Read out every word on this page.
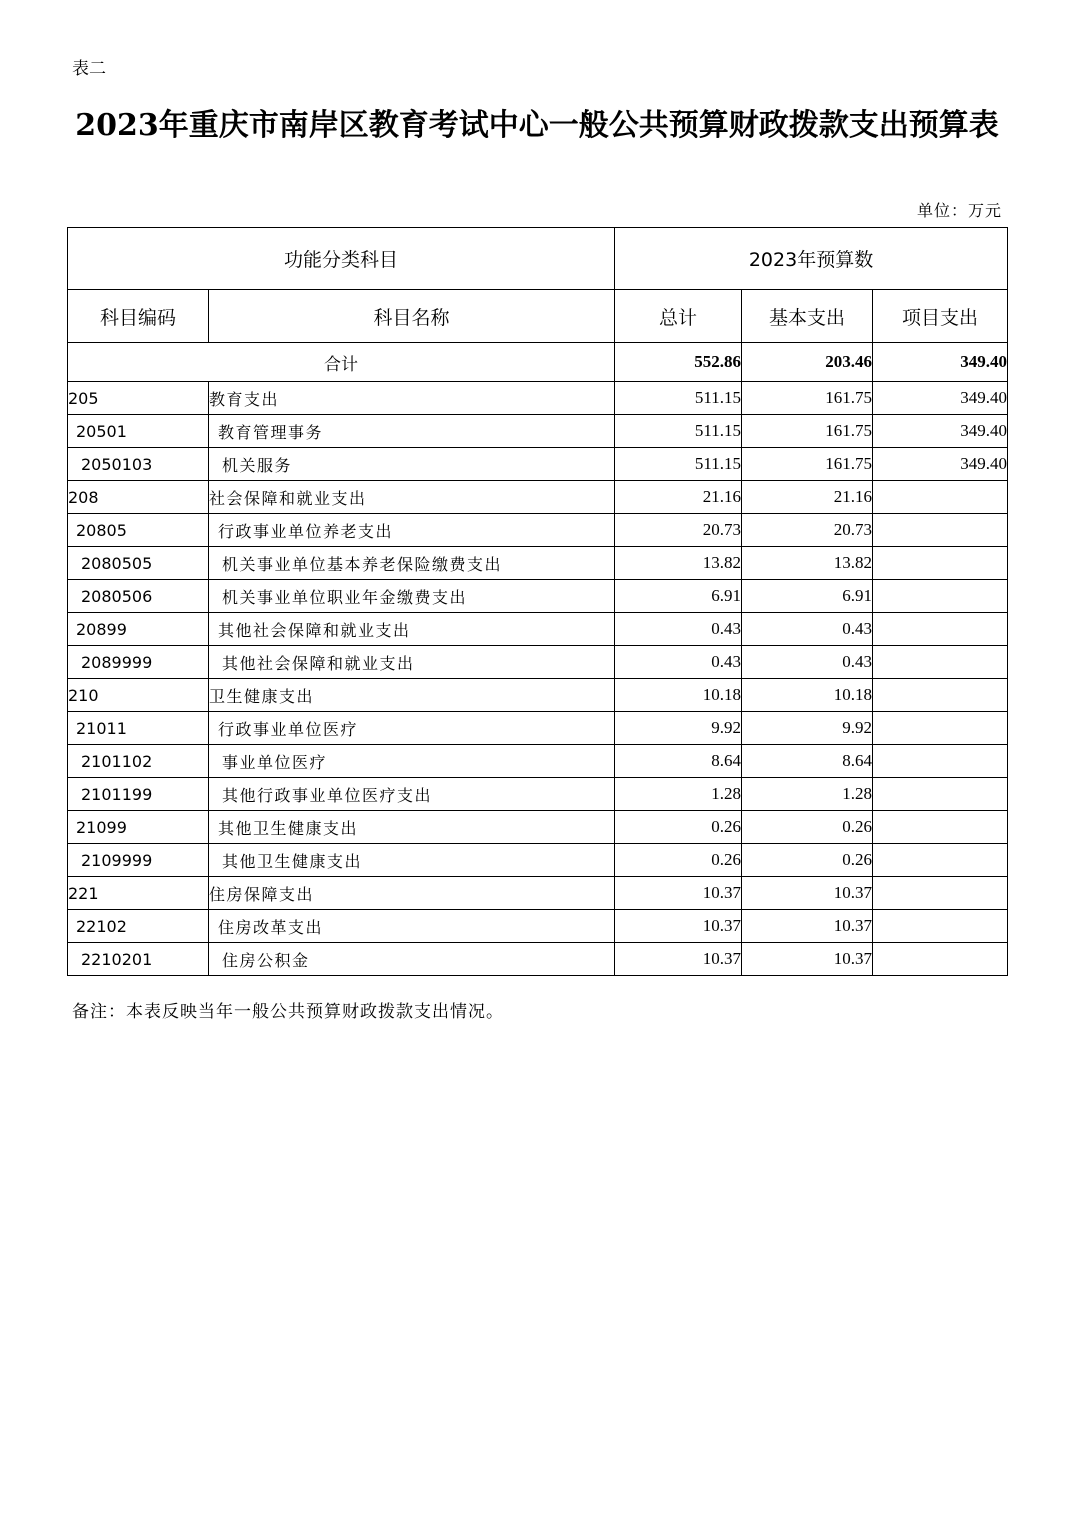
表二
2023年重庆市南岸区教育考试中心一般公共预算财政拨款支出预算表
单位：万元
功能分类科目		2023年预算数		
科目编码	科目名称	总计	基本支出	项目支出
合计		552.86	203.46	349.40
205	教育支出	511.15	161.75	349.40
20501	教育管理事务	511.15	161.75	349.40
2050103	机关服务	511.15	161.75	349.40
208	社会保障和就业支出	21.16	21.16	
20805	行政事业单位养老支出	20.73	20.73	
2080505	机关事业单位基本养老保险缴费支出	13.82	13.82	
2080506	机关事业单位职业年金缴费支出	6.91	6.91	
20899	其他社会保障和就业支出	0.43	0.43	
2089999	其他社会保障和就业支出	0.43	0.43	
210	卫生健康支出	10.18	10.18	
21011	行政事业单位医疗	9.92	9.92	
2101102	事业单位医疗	8.64	8.64	
2101199	其他行政事业单位医疗支出	1.28	1.28	
21099	其他卫生健康支出	0.26	0.26	
2109999	其他卫生健康支出	0.26	0.26	
221	住房保障支出	10.37	10.37	
22102	住房改革支出	10.37	10.37	
2210201	住房公积金	10.37	10.37	
备注：本表反映当年一般公共预算财政拨款支出情况。
